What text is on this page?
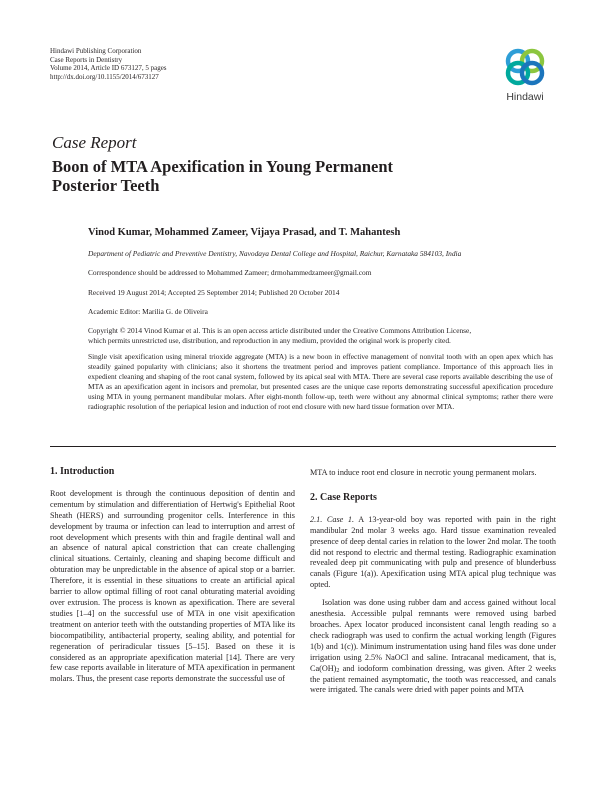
Hindawi Publishing Corporation
Case Reports in Dentistry
Volume 2014, Article ID 673127, 5 pages
http://dx.doi.org/10.1155/2014/673127
Hindawi
Case Report
Boon of MTA Apexification in Young Permanent
Posterior Teeth
Vinod Kumar, Mohammed Zameer, Vijaya Prasad, and T. Mahantesh
Department of Pediatric and Preventive Dentistry, Navodaya Dental College and Hospital, Raichur, Karnataka 584103, India
Correspondence should be addressed to Mohammed Zameer; drmohammedzameer@gmail.com
Received 19 August 2014; Accepted 25 September 2014; Published 20 October 2014
Academic Editor: Marilia G. de Oliveira
Copyright © 2014 Vinod Kumar et al. This is an open access article distributed under the Creative Commons Attribution License,
which permits unrestricted use, distribution, and reproduction in any medium, provided the original work is properly cited.
Single visit apexification using mineral trioxide aggregate (MTA) is a new boon in effective management of nonvital tooth with an open apex which has steadily gained popularity with clinicians; also it shortens the treatment period and improves patient compliance. Importance of this approach lies in expedient cleaning and shaping of the root canal system, followed by its apical seal with MTA. There are several case reports available describing the use of MTA as an apexification agent in incisors and premolar, but presented cases are the unique case reports demonstrating successful apexification procedure using MTA in young permanent mandibular molars. After eight-month follow-up, teeth were without any abnormal clinical symptoms; rather there were radiographic resolution of the periapical lesion and induction of root end closure with new hard tissue formation over MTA.
1. Introduction

Root development is through the continuous deposition of dentin and cementum by stimulation and differentiation of Hertwig's Epithelial Root Sheath (HERS) and surrounding progenitor cells. Interference in this development by trauma or infection can lead to interruption and arrest of root development which presents with thin and fragile dentinal wall and an absence of natural apical constriction that can create challenging clinical situations. Certainly, cleaning and shaping become difficult and obturation may be unpredictable in the absence of apical stop or a barrier. Therefore, it is essential in these situations to create an artificial apical barrier to allow optimal filling of root canal obturating material avoiding over extrusion. The process is known as apexification. There are several studies [1–4] on the successful use of MTA in one visit apexification treatment on anterior teeth with the outstanding properties of MTA like its biocompatibility, antibacterial property, sealing ability, and potential for regeneration of periradicular tissues [5–15]. Based on these it is considered as an appropriate apexification material [14]. There are very few case reports available in literature of MTA apexification in permanent molars. Thus, the present case reports demonstrate the successful use of

MTA to induce root end closure in necrotic young permanent molars.

2. Case Reports

2.1. Case 1. A 13-year-old boy was reported with pain in the right mandibular 2nd molar 3 weeks ago. Hard tissue examination revealed presence of deep dental caries in relation to the lower 2nd molar. The tooth did not respond to electric and thermal testing. Radiographic examination revealed deep pit communicating with pulp and presence of blunderbuss canals (Figure 1(a)). Apexification using MTA apical plug technique was opted.

Isolation was done using rubber dam and access gained without local anesthesia. Accessible pulpal remnants were removed using barbed broaches. Apex locator produced inconsistent canal length reading so a check radiograph was used to confirm the actual working length (Figures 1(b) and 1(c)). Minimum instrumentation using hand files was done under irrigation using 2.5% NaOCl and saline. Intracanal medicament, that is, $Ca(OH)_2$ and iodoform combination dressing, was given. After 2 weeks the patient remained asymptomatic, the tooth was reaccessed, and canals were irrigated. The canals were dried with paper points and MTA
